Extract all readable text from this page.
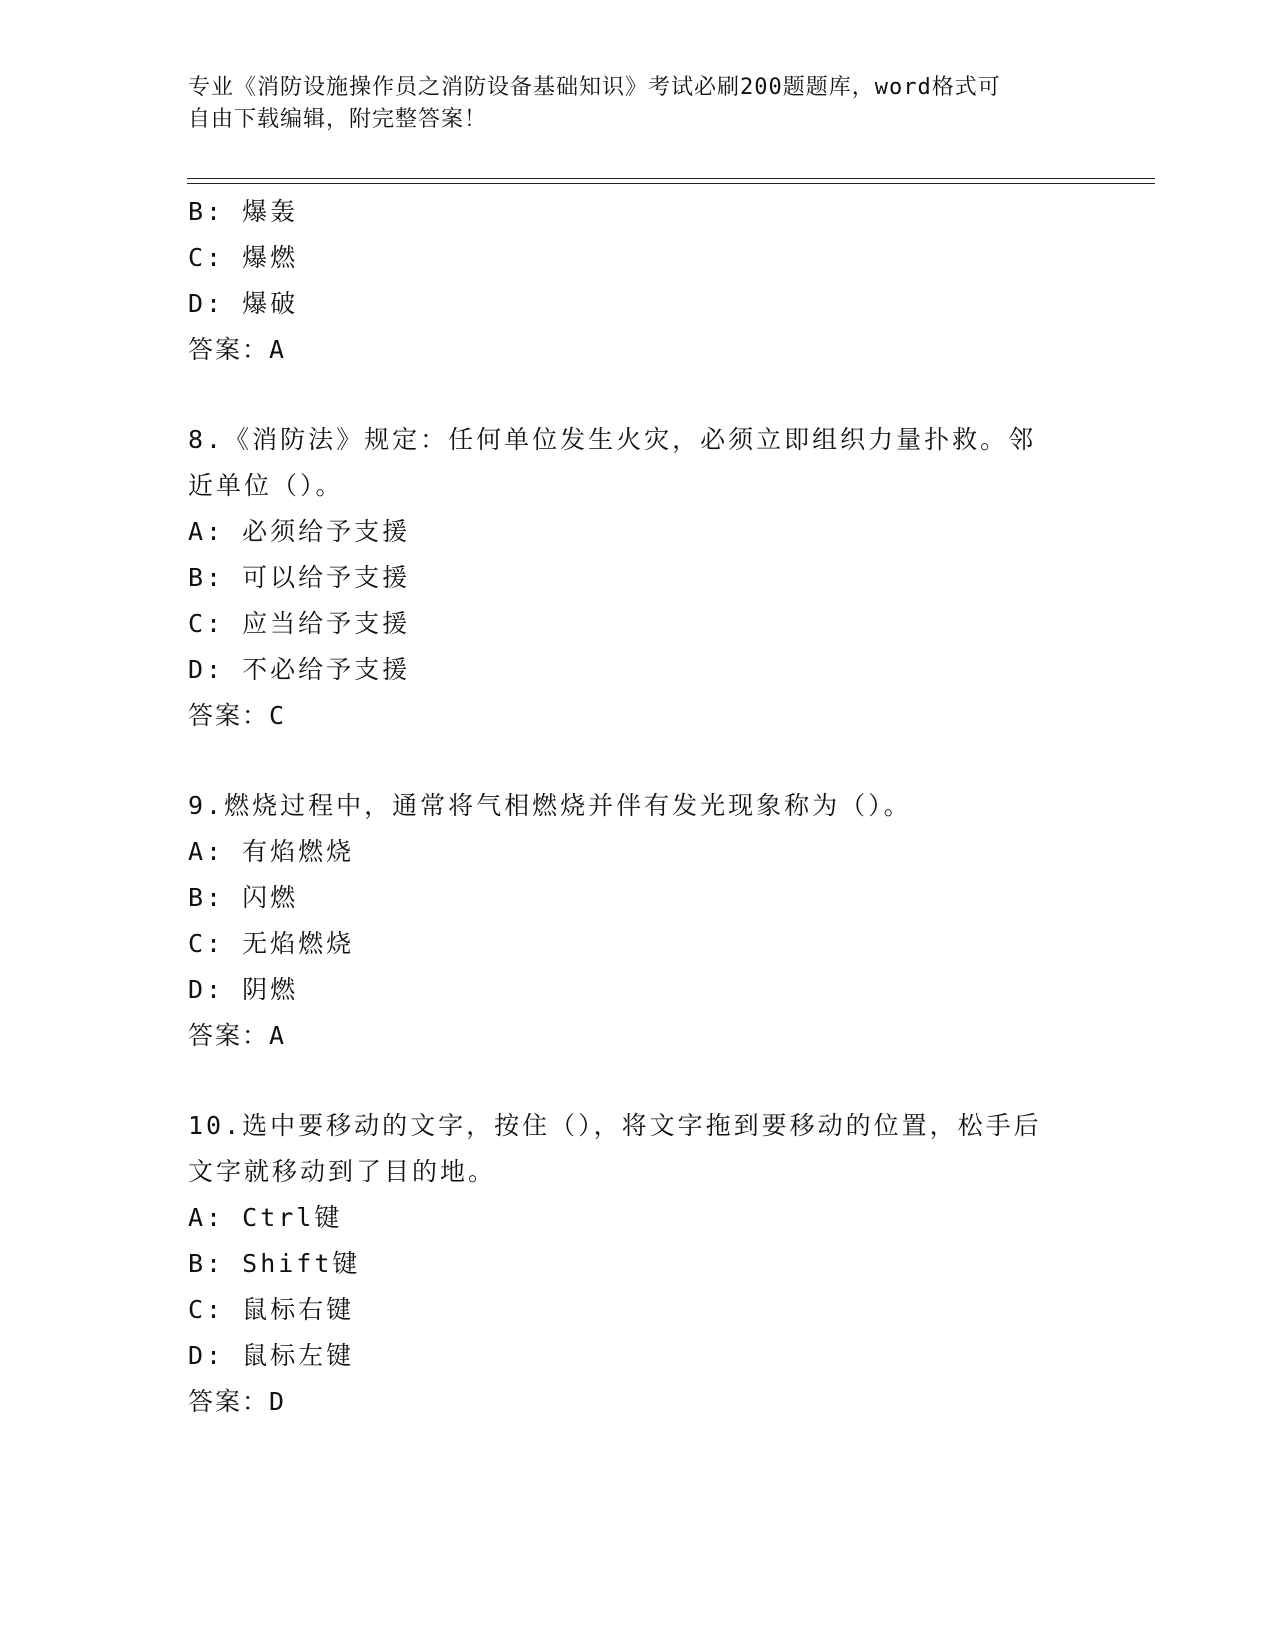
专业《消防设施操作员之消防设备基础知识》考试必刷200题题库，word格式可
自由下载编辑，附完整答案！
B: 爆轰
C: 爆燃
D: 爆破
答案：A
8.《消防法》规定：任何单位发生火灾，必须立即组织力量扑救。邻
近单位（）。
A: 必须给予支援
B: 可以给予支援
C: 应当给予支援
D: 不必给予支援
答案：C
9.燃烧过程中，通常将气相燃烧并伴有发光现象称为（）。
A: 有焰燃烧
B: 闪燃
C: 无焰燃烧
D: 阴燃
答案：A
10.选中要移动的文字，按住（），将文字拖到要移动的位置，松手后
文字就移动到了目的地。
A: Ctrl键
B: Shift键
C: 鼠标右键
D: 鼠标左键
答案：D
